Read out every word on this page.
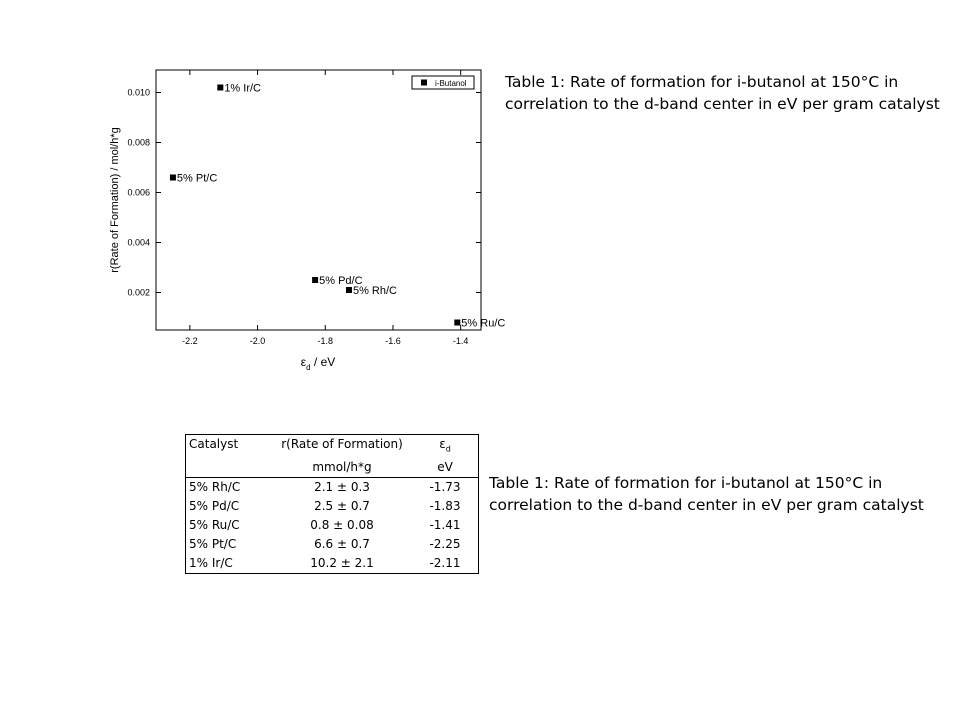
-2.2	-2.0	-1.8	-1.6	-1.4
0.002
0.004
0.006
0.008
0.010	1% Ir/C
5% Pt/C
5% Pd/C
5% Rh/C
5% Ru/C
i-Butanol
$\varepsilon_d$ / eV
r(Rate of Formation) / mol/h*g
Table 1: Rate of formation for i-butanol at 150°C in
correlation to the d-band center in eV per gram catalyst
Catalyst	r(Rate of Formation)	$\varepsilon_d$
	mmol/h*g	eV
5% Rh/C	2.1 ± 0.3	-1.73
5% Pd/C	2.5 ± 0.7	-1.83
5% Ru/C	0.8 ± 0.08	-1.41
5% Pt/C	6.6 ± 0.7	-2.25
1% Ir/C	10.2 ± 2.1	-2.11
Table 1: Rate of formation for i-butanol at 150°C in
correlation to the d-band center in eV per gram catalyst
